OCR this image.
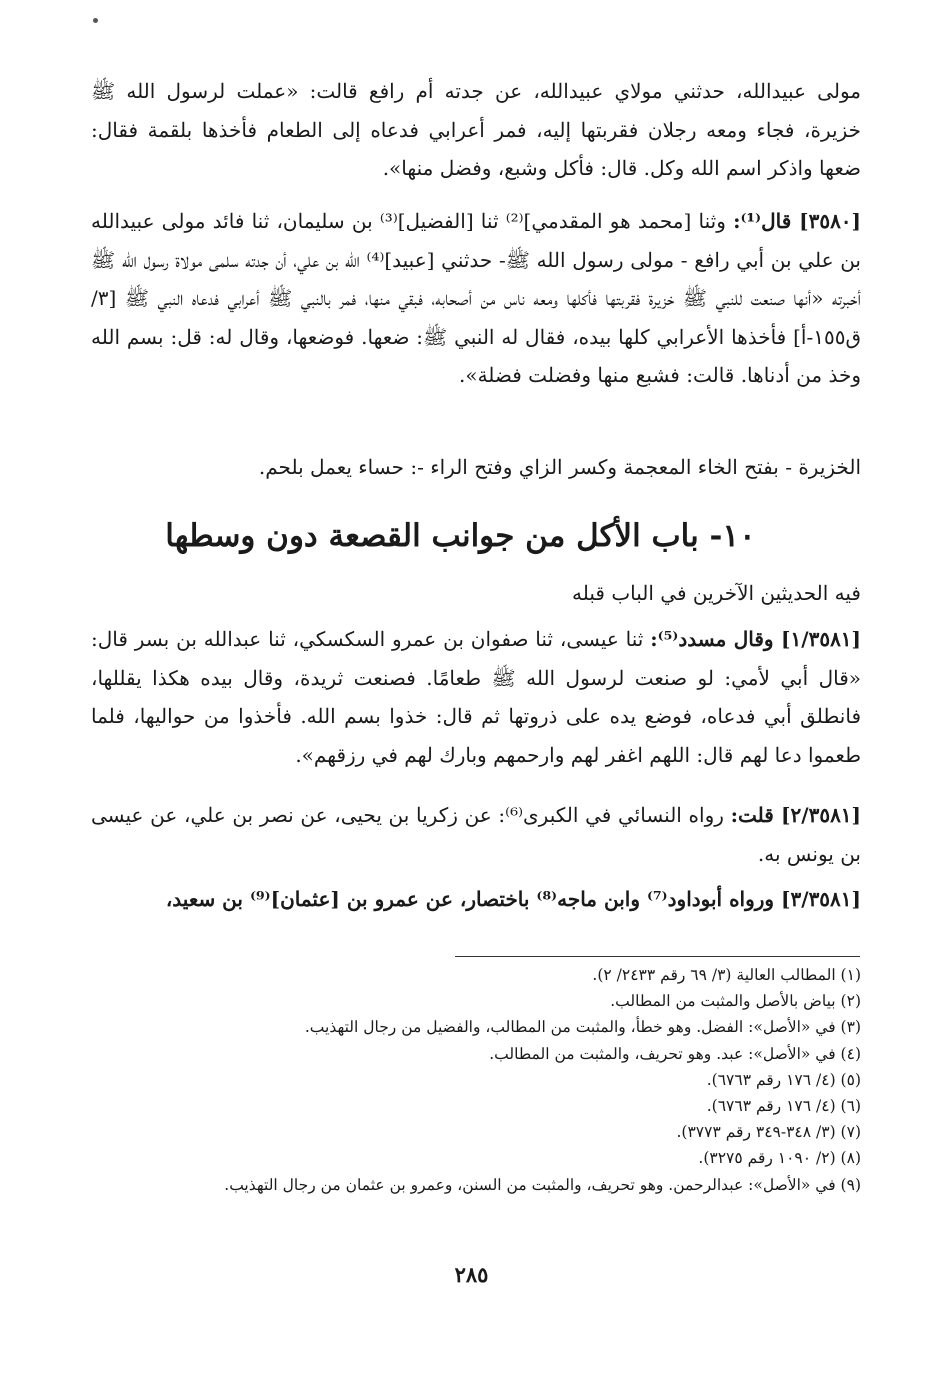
مولى عبيدالله، حدثني مولاي عبيدالله، عن جدته أم رافع قالت: «عملت لرسول الله ﷺ خزيرة، فجاء ومعه رجلان فقربتها إليه، فمر أعرابي فدعاه إلى الطعام فأخذها بلقمة فقال: ضعها واذكر اسم الله وكل. قال: فأكل وشبع، وفضل منها».
[٣٥٨٠] قال⁽¹⁾: وثنا [محمد هو المقدمي]⁽²⁾ ثنا [الفضيل]⁽³⁾ بن سليمان، ثنا فائد مولى عبيدالله بن علي بن أبي رافع - مولى رسول الله ﷺ- حدثني [عبيد]⁽⁴⁾ الله بن علي، أن جدته سلمى مولاة رسول الله ﷺ أخبرته «أنها صنعت للنبي ﷺ خزيرة فقربتها فأكلها ومعه ناس من أصحابه، فبقي منها، فمر بالنبي ﷺ أعرابي فدعاه النبي ﷺ [٣/ق١٥٥-أ] فأخذها الأعرابي كلها بيده، فقال له النبي ﷺ: ضعها. فوضعها، وقال له: قل: بسم الله وخذ من أدناها. قالت: فشبع منها وفضلت فضلة».
الخزيرة - بفتح الخاء المعجمة وكسر الزاي وفتح الراء -: حساء يعمل بلحم.
١٠- باب الأكل من جوانب القصعة دون وسطها
فيه الحديثين الآخرين في الباب قبله
[١/٣٥٨١] وقال مسدد⁽⁵⁾: ثنا عيسى، ثنا صفوان بن عمرو السكسكي، ثنا عبدالله بن بسر قال: «قال أبي لأمي: لو صنعت لرسول الله ﷺ طعامًا. فصنعت ثريدة، وقال بيده هكذا يقللها، فانطلق أبي فدعاه، فوضع يده على ذروتها ثم قال: خذوا بسم الله. فأخذوا من حواليها، فلما طعموا دعا لهم قال: اللهم اغفر لهم وارحمهم وبارك لهم في رزقهم».
[٢/٣٥٨١] قلت: رواه النسائي في الكبرى⁽⁶⁾: عن زكريا بن يحيى، عن نصر بن علي، عن عيسى بن يونس به.
[٣/٣٥٨١] ورواه أبوداود⁽⁷⁾ وابن ماجه⁽⁸⁾ باختصار، عن عمرو بن [عثمان]⁽⁹⁾ بن سعيد،
(١) المطالب العالية (٣/ ٦٩ رقم ٢٤٣٣/ ٢).
(٢) بياض بالأصل والمثبت من المطالب.
(٣) في «الأصل»: الفضل. وهو خطأ، والمثبت من المطالب، والفضيل من رجال التهذيب.
(٤) في «الأصل»: عبد. وهو تحريف، والمثبت من المطالب.
(٥) (٤/ ١٧٦ رقم ٦٧٦٣).
(٦) (٤/ ١٧٦ رقم ٦٧٦٣).
(٧) (٣/ ٣٤٨-٣٤٩ رقم ٣٧٧٣).
(٨) (٢/ ١٠٩٠ رقم ٣٢٧٥).
(٩) في «الأصل»: عبدالرحمن. وهو تحريف، والمثبت من السنن، وعمرو بن عثمان من رجال التهذيب.
٢٨٥
